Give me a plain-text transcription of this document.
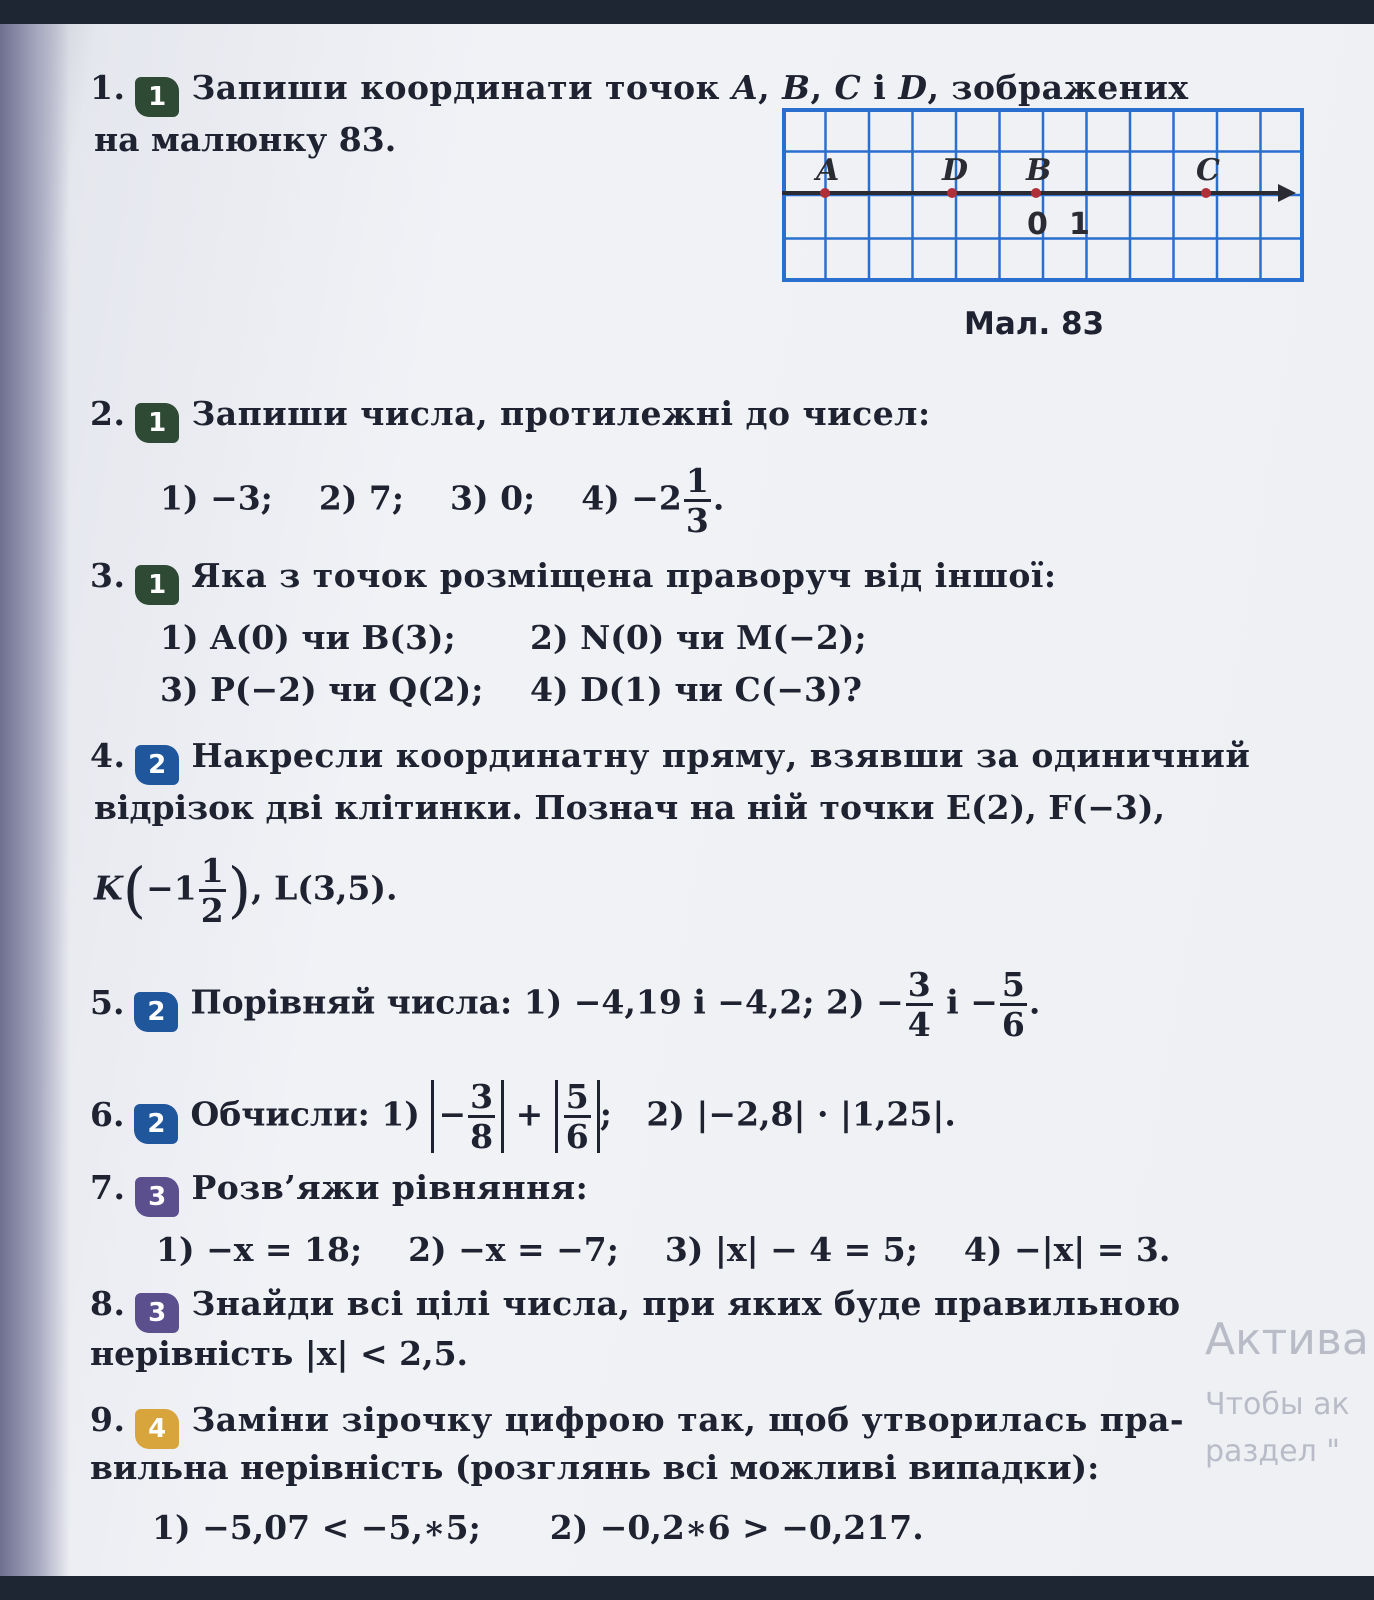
1. 1 Запиши координати точок A, B, C і D, зображених
на малюнку 83.
A	D B	C
0 1
Мал. 83
2. 1 Запиши числа, протилежні до чисел:
1) −3; 2) 7; 3) 0; $4) -2 \frac{1}{3}$ .
3. 1 Яка з точок розміщена праворуч від іншої:
1) A(0) чи B(3); 2) N(0) чи M(−2);
3) P(−2) чи Q(2); 4) D(1) чи C(−3)?
4. 2 Накресли координатну пряму, взявши за одиничний
відрізок дві клітинки. Познач на ній точки E(2), F(−3),
$K(-1 \frac{1}{2}$ ), L(3,5).
5. 2 Порівняй числа: 1) −4,19 і −4,2; $2) - \frac{3}{4}$ $і - \frac{5}{6}$ .
6. 2 Обчисли: $1) - \frac{3}{8} + \frac{5}{6}$ ; 2) |−2,8| · |1,25|.
7. 3 Розв’яжи рівняння:
1) −x = 18;    2) −x = −7;    3) |x| − 4 = 5;    4) −|x| = 3.
8. 3 Знайди всі цілі числа, при яких буде правильною
нерівність |x| < 2,5.	Актива
Чтобы ак
раздел "
9. 4 Заміни зірочку цифрою так, щоб утворилась пра-
вильна нерівність (розглянь всі можливі випадки):
1) −5,07 < −5,∗5;      2) −0,2∗6 > −0,217.
